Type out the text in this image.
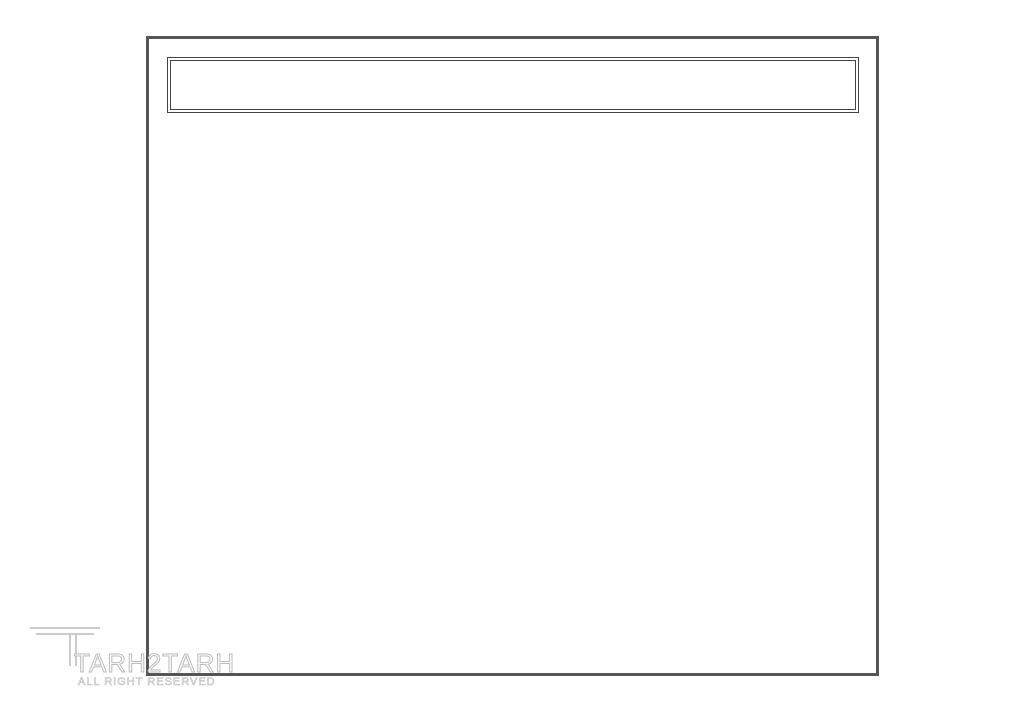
TARH2TARH
ALL RIGHT RESERVED
